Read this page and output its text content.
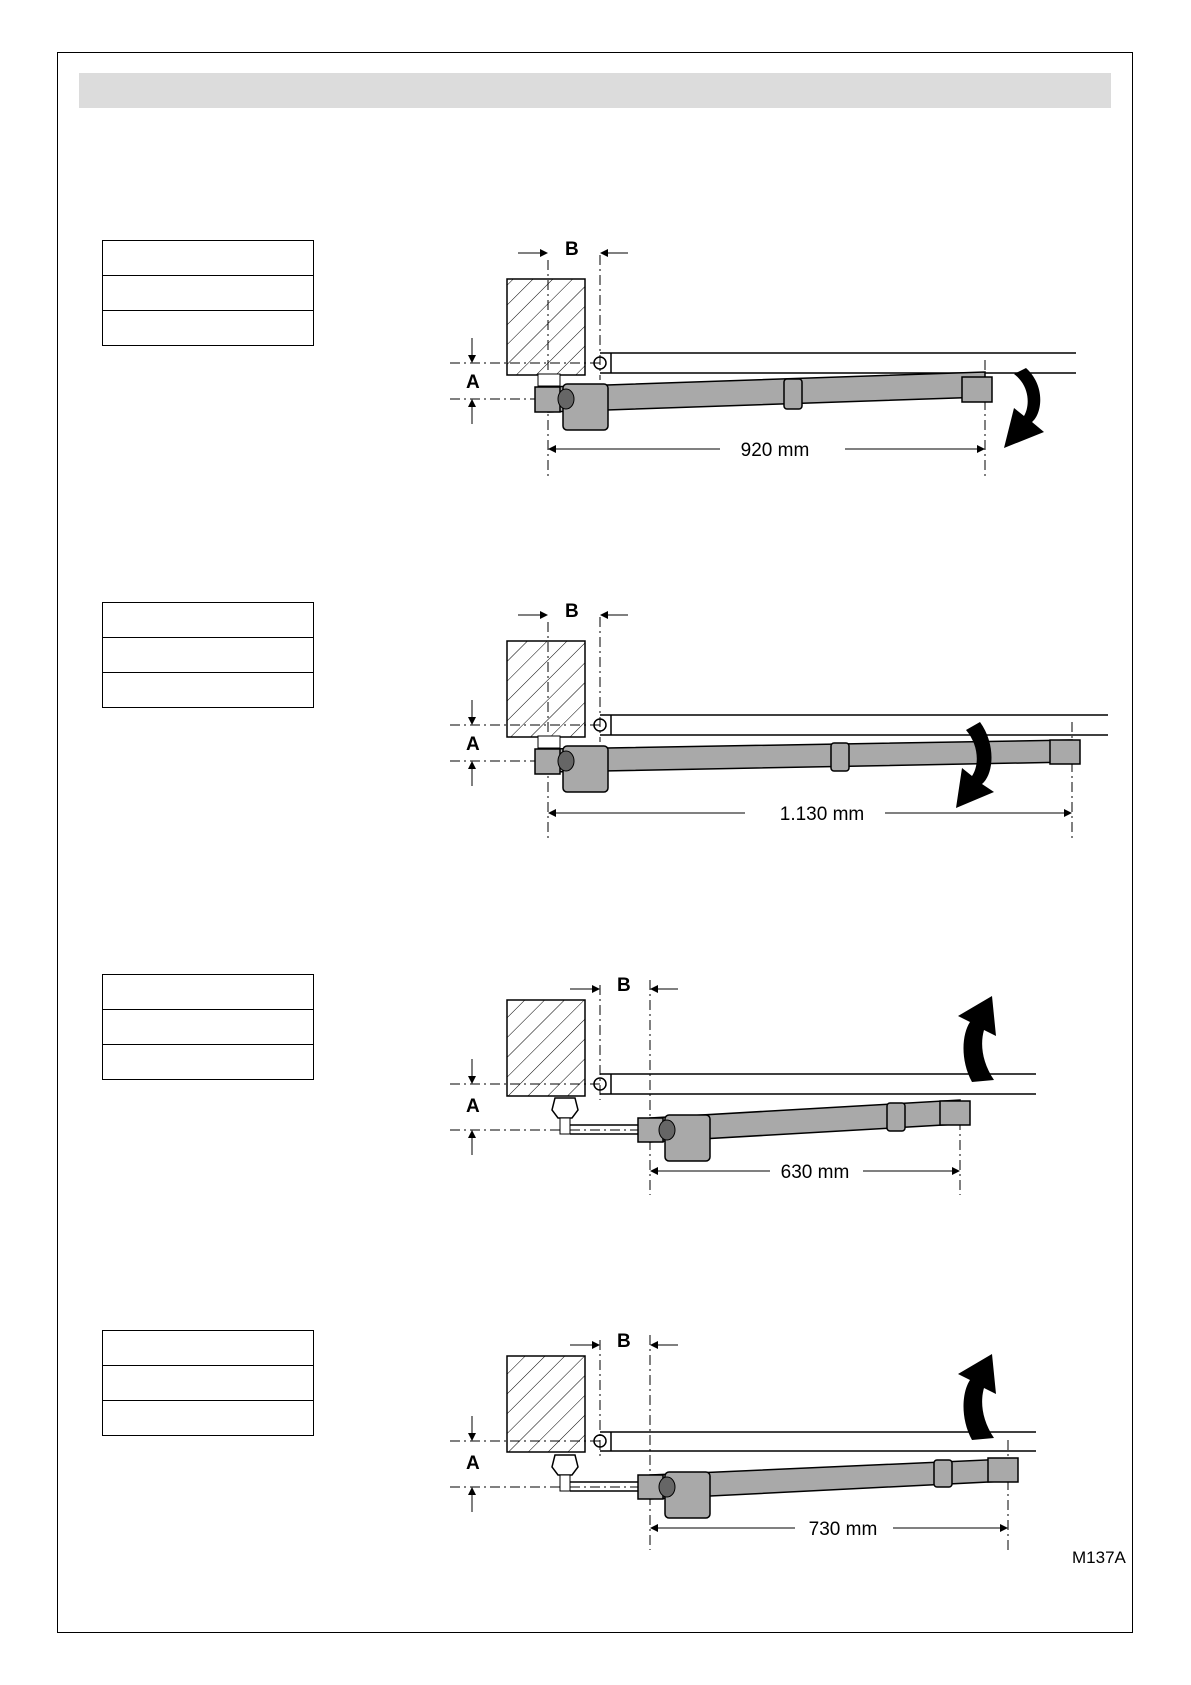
B
A
920 mm
B
A
1.130 mm
B
A
630 mm
B
A
730 mm
M137A
